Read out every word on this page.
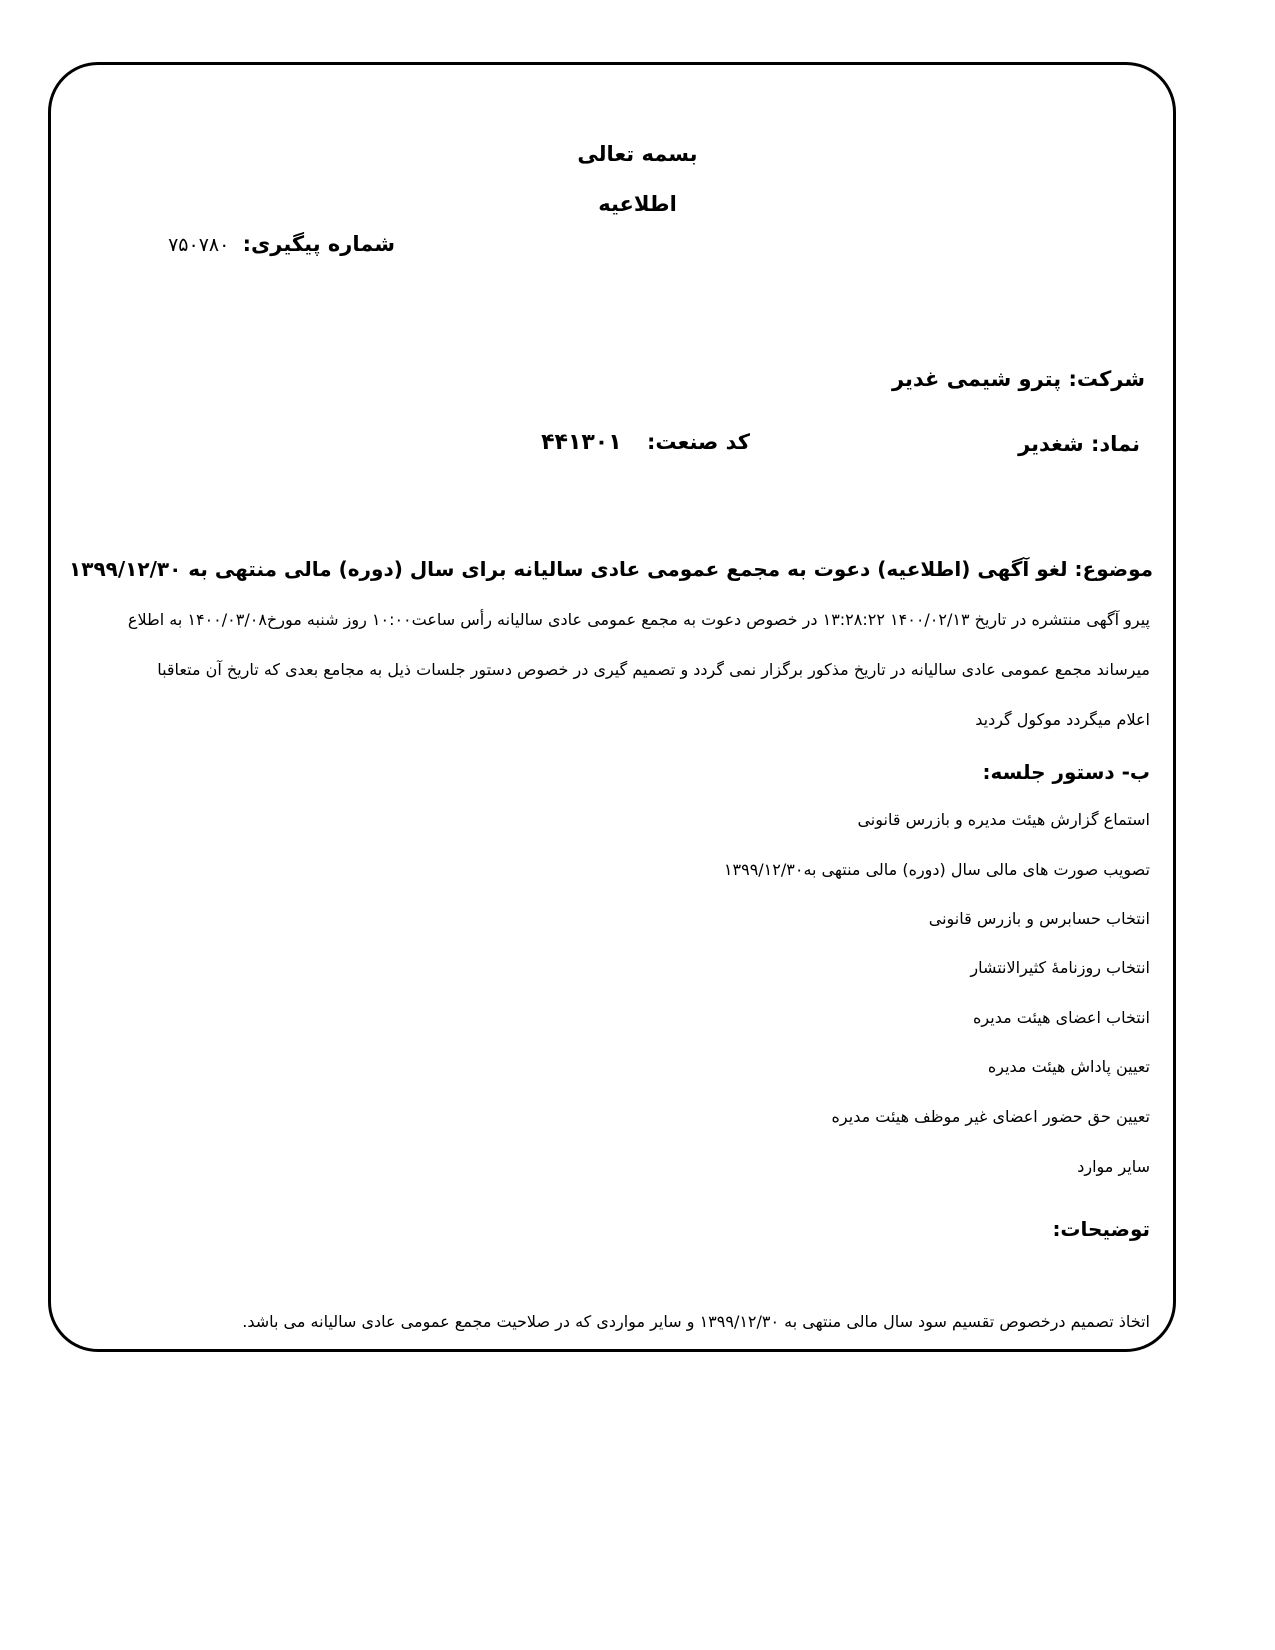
بسمه تعالی
اطلاعیه
شماره پیگیری: ۷۵۰۷۸۰
شرکت: پترو شیمی غدیر
نماد: شغدیر
کد صنعت: ۴۴۱۳۰۱
موضوع: لغو آگهی (اطلاعیه) دعوت به مجمع عمومی عادی سالیانه برای سال (دوره) مالی منتهی به ۱۳۹۹/۱۲/۳۰
پیرو آگهی منتشره در تاریخ ۱۴۰۰/۰۲/۱۳ ۱۳:۲۸:۲۲ در خصوص دعوت به مجمع عمومی عادی سالیانه رأس ساعت۱۰:۰۰ روز شنبه مورخ۱۴۰۰/۰۳/۰۸ به اطلاع
میرساند مجمع عمومی عادی سالیانه در تاریخ مذکور برگزار نمی گردد و تصمیم گیری در خصوص دستور جلسات ذیل به مجامع بعدی که تاریخ آن متعاقبا
اعلام میگردد موکول گردید
ب- دستور جلسه:
استماع گزارش هیئت مدیره و بازرس قانونی
تصویب صورت های مالی سال (دوره) مالی منتهی به۱۳۹۹/۱۲/۳۰
انتخاب حسابرس و بازرس قانونی
انتخاب روزنامۀ کثیرالانتشار
انتخاب اعضای هیئت مدیره
تعیین پاداش هیئت مدیره
تعیین حق حضور اعضای غیر موظف هیئت مدیره
سایر موارد
توضیحات:
اتخاذ تصمیم درخصوص تقسیم سود سال مالی منتهی به ۱۳۹۹/۱۲/۳۰ و سایر مواردی که در صلاحیت مجمع عمومی عادی سالیانه می باشد.
